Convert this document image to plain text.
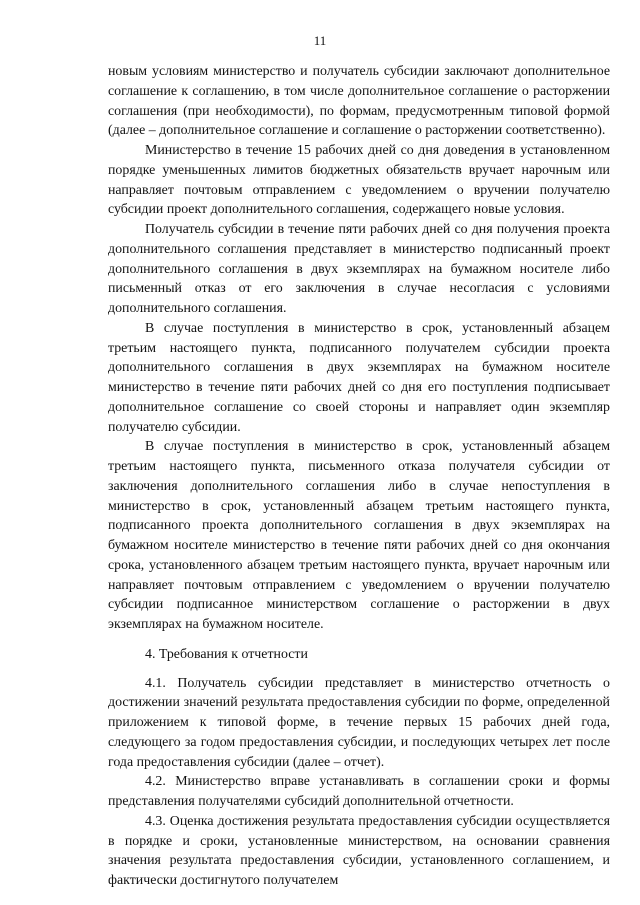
11

новым условиям министерство и получатель субсидии заключают дополнительное соглашение к соглашению, в том числе дополнительное соглашение о расторжении соглашения (при необходимости), по формам, предусмотренным типовой формой (далее – дополнительное соглашение и соглашение о расторжении соответственно).

Министерство в течение 15 рабочих дней со дня доведения в установленном порядке уменьшенных лимитов бюджетных обязательств вручает нарочным или направляет почтовым отправлением с уведомлением о вручении получателю субсидии проект дополнительного соглашения, содержащего новые условия.

Получатель субсидии в течение пяти рабочих дней со дня получения проекта дополнительного соглашения представляет в министерство подписанный проект дополнительного соглашения в двух экземплярах на бумажном носителе либо письменный отказ от его заключения в случае несогласия с условиями дополнительного соглашения.

В случае поступления в министерство в срок, установленный абзацем третьим настоящего пункта, подписанного получателем субсидии проекта дополнительного соглашения в двух экземплярах на бумажном носителе министерство в течение пяти рабочих дней со дня его поступления подписывает дополнительное соглашение со своей стороны и направляет один экземпляр получателю субсидии.

В случае поступления в министерство в срок, установленный абзацем третьим настоящего пункта, письменного отказа получателя субсидии от заключения дополнительного соглашения либо в случае непоступления в министерство в срок, установленный абзацем третьим настоящего пункта, подписанного проекта дополнительного соглашения в двух экземплярах на бумажном носителе министерство в течение пяти рабочих дней со дня окончания срока, установленного абзацем третьим настоящего пункта, вручает нарочным или направляет почтовым отправлением с уведомлением о вручении получателю субсидии подписанное министерством соглашение о расторжении в двух экземплярах на бумажном носителе.

4. Требования к отчетности

4.1. Получатель субсидии представляет в министерство отчетность о достижении значений результата предоставления субсидии по форме, определенной приложением к типовой форме, в течение первых 15 рабочих дней года, следующего за годом предоставления субсидии, и последующих четырех лет после года предоставления субсидии (далее – отчет).

4.2. Министерство вправе устанавливать в соглашении сроки и формы представления получателями субсидий дополнительной отчетности.

4.3. Оценка достижения результата предоставления субсидии осуществляется в порядке и сроки, установленные министерством, на основании сравнения значения результата предоставления субсидии, установленного соглашением, и фактически достигнутого получателем
